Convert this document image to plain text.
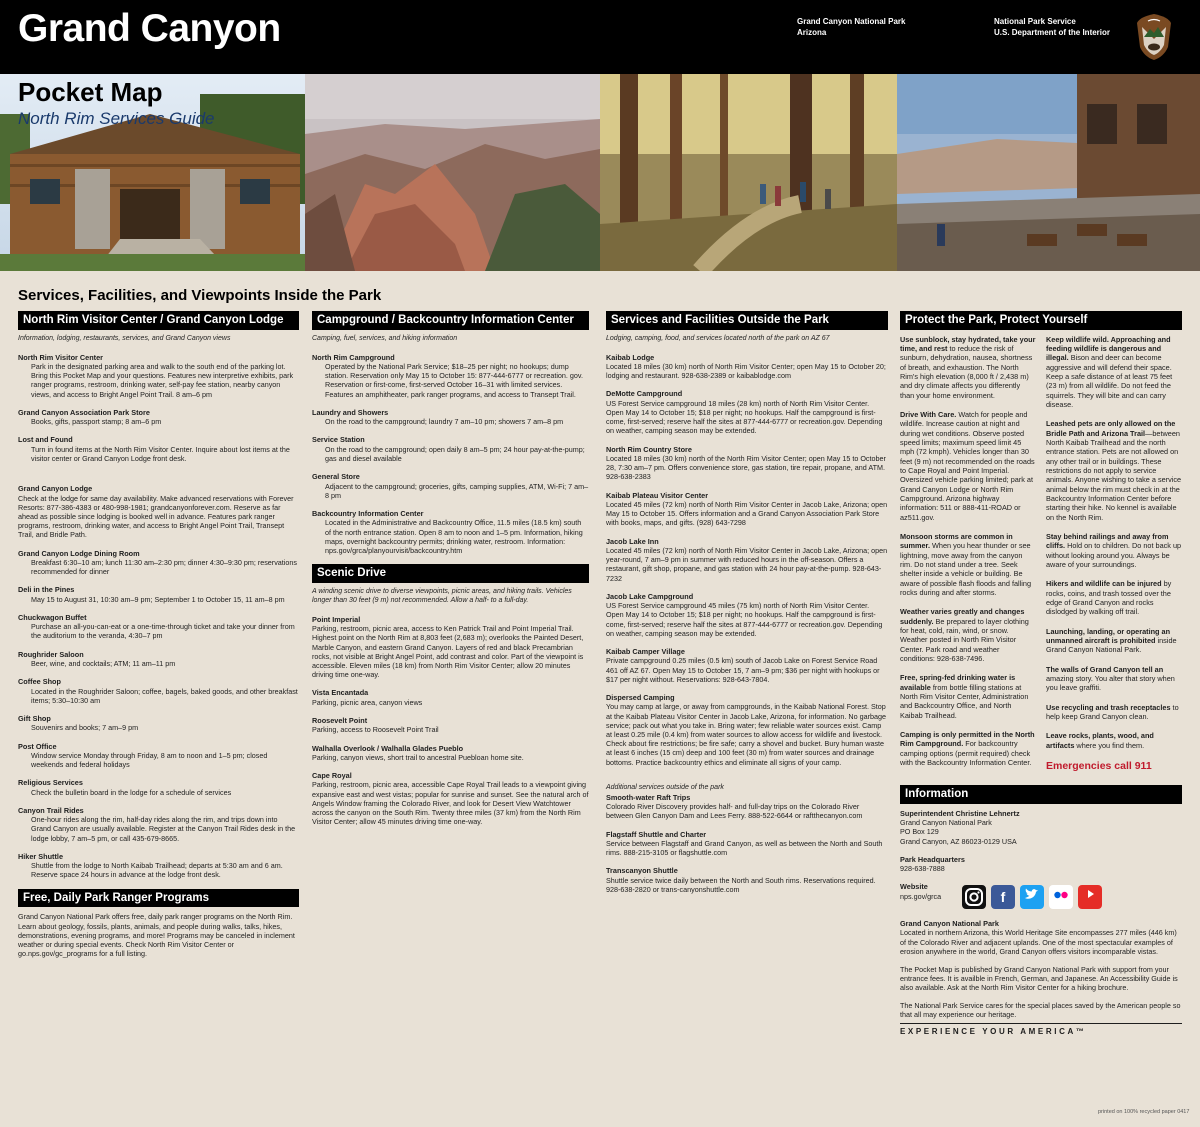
Grand Canyon	Grand Canyon National Park
Arizona
National Park Service
U.S. Department of the Interior
Pocket Map
North Rim Services Guide
Services, Facilities, and Viewpoints Inside the Park
North Rim Visitor Center / Grand Canyon Lodge
Information, lodging, restaurants, services, and Grand Canyon views
North Rim Visitor Center

Park in the designated parking area and walk to the south end of the parking lot. Bring this Pocket Map and your questions. Features new interpretive exhibits, park ranger programs, restroom, drinking water, self-pay fee station, nearby canyon views, and access to Bright Angel Point Trail. 8 am–6 pm

Grand Canyon Association Park Store

Books, gifts, passport stamp; 8 am–6 pm

Lost and Found

Turn in found items at the North Rim Visitor Center. Inquire about lost items at the visitor center or Grand Canyon Lodge front desk.

Grand Canyon Lodge

Check at the lodge for same day availability. Make advanced reservations with Forever Resorts: 877-386-4383 or 480-998-1981; grandcanyonforever.com. Reserve as far ahead as possible since lodging is booked well in advance. Features park ranger programs, restroom, drinking water, and access to Bright Angel Point Trail, Transept Trail, and Bridle Path.

Grand Canyon Lodge Dining Room

Breakfast 6:30–10 am; lunch 11:30 am–2:30 pm; dinner 4:30–9:30 pm; reservations recommended for dinner

Deli in the Pines

May 15 to August 31, 10:30 am–9 pm; September 1 to October 15, 11 am–8 pm

Chuckwagon Buffet

Purchase an all-you-can-eat or a one-time-through ticket and take your dinner from the auditorium to the veranda, 4:30–7 pm

Roughrider Saloon

Beer, wine, and cocktails; ATM; 11 am–11 pm

Coffee Shop

Located in the Roughrider Saloon; coffee, bagels, baked goods, and other breakfast items; 5:30–10:30 am

Gift Shop

Souvenirs and books; 7 am–9 pm

Post Office

Window service Monday through Friday, 8 am to noon and 1–5 pm; closed weekends and federal holidays

Religious Services

Check the bulletin board in the lodge for a schedule of services

Canyon Trail Rides

One-hour rides along the rim, half-day rides along the rim, and trips down into Grand Canyon are usually available. Register at the Canyon Trail Rides desk in the lodge lobby, 7 am–5 pm, or call 435-679-8665.

Hiker Shuttle

Shuttle from the lodge to North Kaibab Trailhead; departs at 5:30 am and 6 am. Reserve space 24 hours in advance at the lodge front desk.

Free, Daily Park Ranger Programs

Grand Canyon National Park offers free, daily park ranger programs on the North Rim. Learn about geology, fossils, plants, animals, and people during walks, talks, hikes, demonstrations, evening programs, and more! Programs may be canceled in inclement weather or during special events. Check North Rim Visitor Center or go.nps.gov/gc_programs for a full listing.

Campground / Backcountry Information Center
Camping, fuel, services, and hiking information
North Rim Campground

Operated by the National Park Service; $18–25 per night; no hookups; dump station. Reservation only May 15 to October 15: 877-444-6777 or recreation. gov. Reservation or first-come, first-served October 16–31 with limited services. Features an amphitheater, park ranger programs, and access to Transept Trail.

Laundry and Showers

On the road to the campground; laundry 7 am–10 pm; showers 7 am–8 pm

Service Station

On the road to the campground; open daily 8 am–5 pm; 24 hour pay-at-the-pump; gas and diesel available

General Store

Adjacent to the campground; groceries, gifts, camping supplies, ATM, Wi-Fi; 7 am–8 pm

Backcountry Information Center

Located in the Administrative and Backcountry Office, 11.5 miles (18.5 km) south of the north entrance station. Open 8 am to noon and 1–5 pm. Information, hiking maps, overnight backcountry permits; drinking water, restroom. Information: nps.gov/grca/planyourvisit/backcountry.htm

Scenic Drive
A winding scenic drive to diverse viewpoints, picnic areas, and hiking trails. Vehicles longer than 30 feet (9 m) not recommended. Allow a half- to a full-day.
Point Imperial

Parking, restroom, picnic area, access to Ken Patrick Trail and Point Imperial Trail. Highest point on the North Rim at 8,803 feet (2,683 m); overlooks the Painted Desert, Marble Canyon, and eastern Grand Canyon. Layers of red and black Precambrian rocks, not visible at Bright Angel Point, add contrast and color. Part of the viewpoint is accessible. Eleven miles (18 km) from North Rim Visitor Center; allow 20 minutes driving time one-way.

Vista Encantada

Parking, picnic area, canyon views

Roosevelt Point

Parking, access to Roosevelt Point Trail

Walhalla Overlook / Walhalla Glades Pueblo

Parking, canyon views, short trail to ancestral Puebloan home site.

Cape Royal

Parking, restroom, picnic area, accessible Cape Royal Trail leads to a viewpoint giving expansive east and west vistas; popular for sunrise and sunset. See the natural arch of Angels Window framing the Colorado River, and look for Desert View Watchtower across the canyon on the South Rim. Twenty three miles (37 km) from the North Rim Visitor Center; allow 45 minutes driving time one-way.

Services and Facilities Outside the Park
Lodging, camping, food, and services located north of the park on AZ 67
Kaibab Lodge

Located 18 miles (30 km) north of North Rim Visitor Center; open May 15 to October 20; lodging and restaurant. 928-638-2389 or kaibablodge.com

DeMotte Campground

US Forest Service campground 18 miles (28 km) north of North Rim Visitor Center. Open May 14 to October 15; $18 per night; no hookups. Half the campground is first-come, first-served; reserve half the sites at 877-444-6777 or recreation.gov. Depending on weather, camping season may be extended.

North Rim Country Store

Located 18 miles (30 km) north of the North Rim Visitor Center; open May 15 to October 28, 7:30 am–7 pm. Offers convenience store, gas station, tire repair, propane, and ATM. 928-638-2383

Kaibab Plateau Visitor Center

Located 45 miles (72 km) north of North Rim Visitor Center in Jacob Lake, Arizona; open May 15 to October 15. Offers information and a Grand Canyon Association Park Store with books, maps, and gifts. (928) 643-7298

Jacob Lake Inn

Located 45 miles (72 km) north of North Rim Visitor Center in Jacob Lake, Arizona; open year-round, 7 am–9 pm in summer with reduced hours in the off-season. Offers a restaurant, gift shop, propane, and gas station with 24 hour pay-at-the-pump. 928-643-7232

Jacob Lake Campground

US Forest Service campground 45 miles (75 km) north of North Rim Visitor Center. Open May 14 to October 15; $18 per night; no hookups. Half the campground is first-come, first-served; reserve half the sites at 877-444-6777 or recreation.gov. Depending on weather, camping season may be extended.

Kaibab Camper Village

Private campground 0.25 miles (0.5 km) south of Jacob Lake on Forest Service Road 461 off AZ 67. Open May 15 to October 15, 7 am–9 pm; $36 per night with hookups or $17 per night without. Reservations: 928-643-7804.

Dispersed Camping

You may camp at large, or away from campgrounds, in the Kaibab National Forest. Stop at the Kaibab Plateau Visitor Center in Jacob Lake, Arizona, for information. No garbage service; pack out what you take in. Bring water; few reliable water sources exist. Camp at least 0.25 mile (0.4 km) from water sources to allow access for wildlife and livestock. Check about fire restrictions; be fire safe; carry a shovel and bucket. Bury human waste at least 6 inches (15 cm) deep and 100 feet (30 m) from water sources and drainage bottoms. Practice backcountry ethics and eliminate all signs of your camp.

Additional services outside of the park
Smooth-water Raft Trips

Colorado River Discovery provides half- and full-day trips on the Colorado River between Glen Canyon Dam and Lees Ferry. 888-522-6644 or raftthecanyon.com

Flagstaff Shuttle and Charter

Service between Flagstaff and Grand Canyon, as well as between the North and South rims. 888-215-3105 or flagshuttle.com

Transcanyon Shuttle

Shuttle service twice daily between the North and South rims. Reservations required. 928-638-2820 or trans-canyonshuttle.com

Protect the Park, Protect Yourself

Use sunblock, stay hydrated, take your time, and rest to reduce the risk of sunburn, dehydration, nausea, shortness of breath, and exhaustion. The North Rim's high elevation (8,000 ft / 2,438 m) and dry climate affects you differently than your home environment.

Drive With Care. Watch for people and wildlife. Increase caution at night and during wet conditions. Observe posted speed limits; maximum speed limit 45 mph (72 kmph). Vehicles longer than 30 feet (9 m) not recommended on the roads to Cape Royal and Point Imperial. Oversized vehicle parking limited; park at Grand Canyon Lodge or North Rim Campground. Arizona highway information: 511 or 888-411-ROAD or az511.gov.

Monsoon storms are common in summer. When you hear thunder or see lightning, move away from the canyon rim. Do not stand under a tree. Seek shelter inside a vehicle or building. Be aware of possible flash floods and falling rocks during and after storms.

Weather varies greatly and changes suddenly. Be prepared to layer clothing for heat, cold, rain, wind, or snow. Weather posted in North Rim Visitor Center. Park road and weather conditions: 928-638-7496.

Free, spring-fed drinking water is available from bottle filling stations at North Rim Visitor Center, Administration and Backcountry Office, and North Kaibab Trailhead.

Camping is only permitted in the North Rim Campground. For backcountry camping options (permit required) check with the Backcountry Information Center.

Keep wildlife wild. Approaching and feeding wildlife is dangerous and illegal. Bison and deer can become aggressive and will defend their space. Keep a safe distance of at least 75 feet (23 m) from all wildlife. Do not feed the squirrels. They will bite and can carry disease.

Leashed pets are only allowed on the Bridle Path and Arizona Trail—between North Kaibab Trailhead and the north entrance station. Pets are not allowed on any other trail or in buildings. These restrictions do not apply to service animals. Anyone wishing to take a service animal below the rim must check in at the Backcountry Information Center before starting their hike. No kennel is available on the North Rim.

Stay behind railings and away from cliffs. Hold on to children. Do not back up without looking around you. Always be aware of your surroundings.

Hikers and wildlife can be injured by rocks, coins, and trash tossed over the edge of Grand Canyon and rocks dislodged by walking off trail.

Launching, landing, or operating an unmanned aircraft is prohibited inside Grand Canyon National Park.

The walls of Grand Canyon tell an amazing story. You alter that story when you leave graffiti.

Use recycling and trash receptacles to help keep Grand Canyon clean.

Leave rocks, plants, wood, and artifacts where you find them.

Emergencies call 911
Information
Superintendent Christine Lehnertz
Grand Canyon National Park
PO Box 129
Grand Canyon, AZ 86023-0129 USA
Park Headquarters
928-638-7888
Website
nps.gov/grca	f
Grand Canyon National Park

Located in northern Arizona, this World Heritage Site encompasses 277 miles (446 km) of the Colorado River and adjacent uplands. One of the most spectacular examples of erosion anywhere in the world, Grand Canyon offers visitors incomparable vistas.

The Pocket Map is published by Grand Canyon National Park with support from your entrance fees. It is availble in French, German, and Japanese. An Accessibility Guide is also available. Ask at the North Rim Visitor Center for a hiking brochure.

The National Park Service cares for the special places saved by the American people so that all may experience our heritage.

EXPERIENCE YOUR AMERICA™
printed on 100% recycled paper 0417
